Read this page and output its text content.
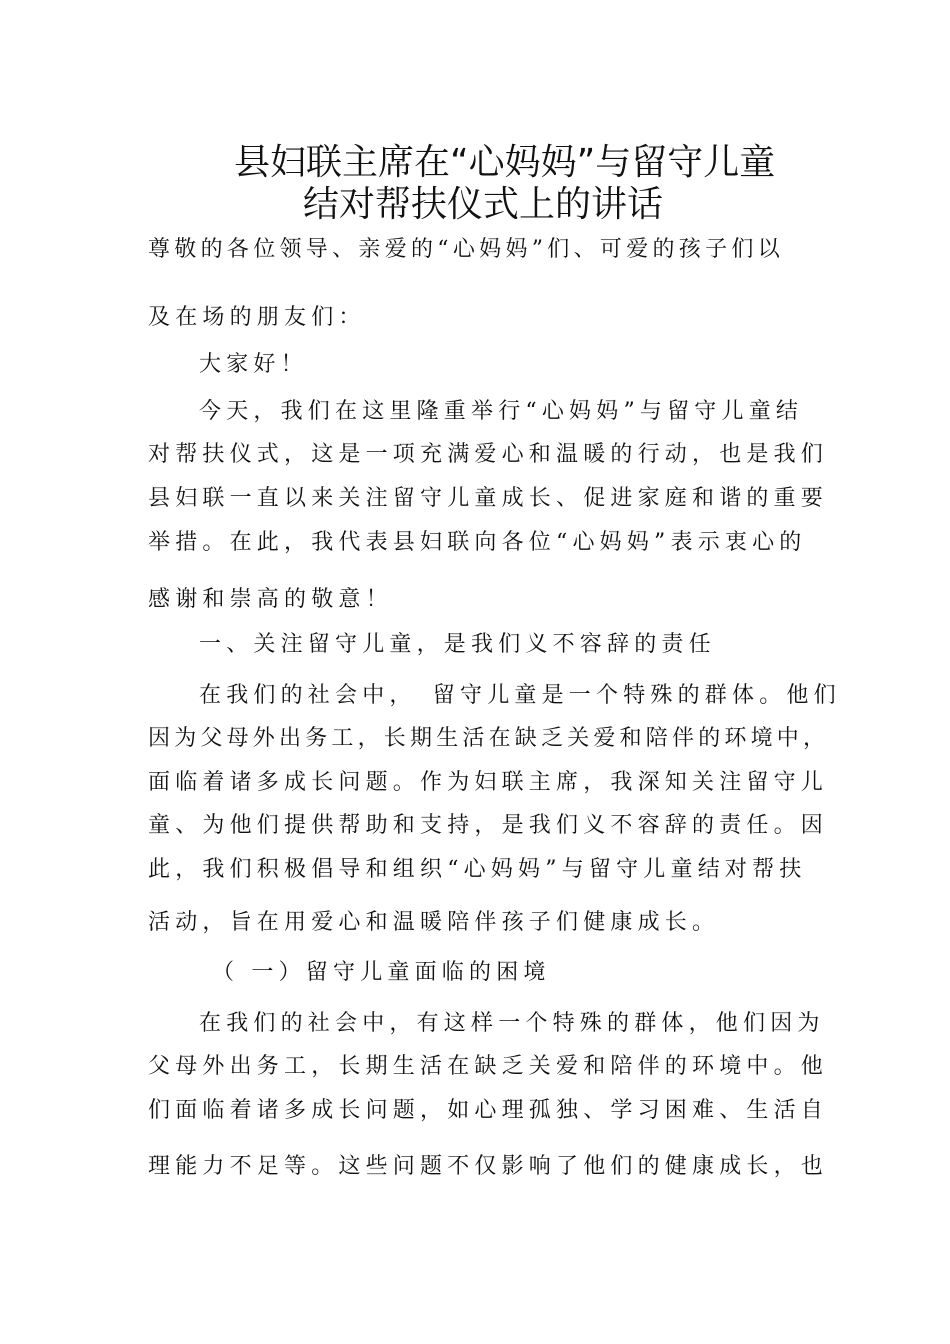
县妇联主席在“心妈妈”与留守儿童
结对帮扶仪式上的讲话
尊敬的各位领导、亲爱的“心妈妈”们、可爱的孩子们以
及在场的朋友们：
大家好！
今天，我们在这里隆重举行“心妈妈”与留守儿童结
对帮扶仪式，这是一项充满爱心和温暖的行动，也是我们
县妇联一直以来关注留守儿童成长、促进家庭和谐的重要
举措。在此，我代表县妇联向各位“心妈妈”表示衷心的
感谢和崇高的敬意！
一、关注留守儿童，是我们义不容辞的责任
在我们的社会中，　留守儿童是一个特殊的群体。他们
因为父母外出务工，长期生活在缺乏关爱和陪伴的环境中，
面临着诸多成长问题。作为妇联主席，我深知关注留守儿
童、为他们提供帮助和支持，是我们义不容辞的责任。因
此，我们积极倡导和组织“心妈妈”与留守儿童结对帮扶
活动，旨在用爱心和温暖陪伴孩子们健康成长。
（ 一）留守儿童面临的困境
在我们的社会中，有这样一个特殊的群体，他们因为
父母外出务工，长期生活在缺乏关爱和陪伴的环境中。他
们面临着诸多成长问题，如心理孤独、学习困难、生活自
理能力不足等。这些问题不仅影响了他们的健康成长，也
